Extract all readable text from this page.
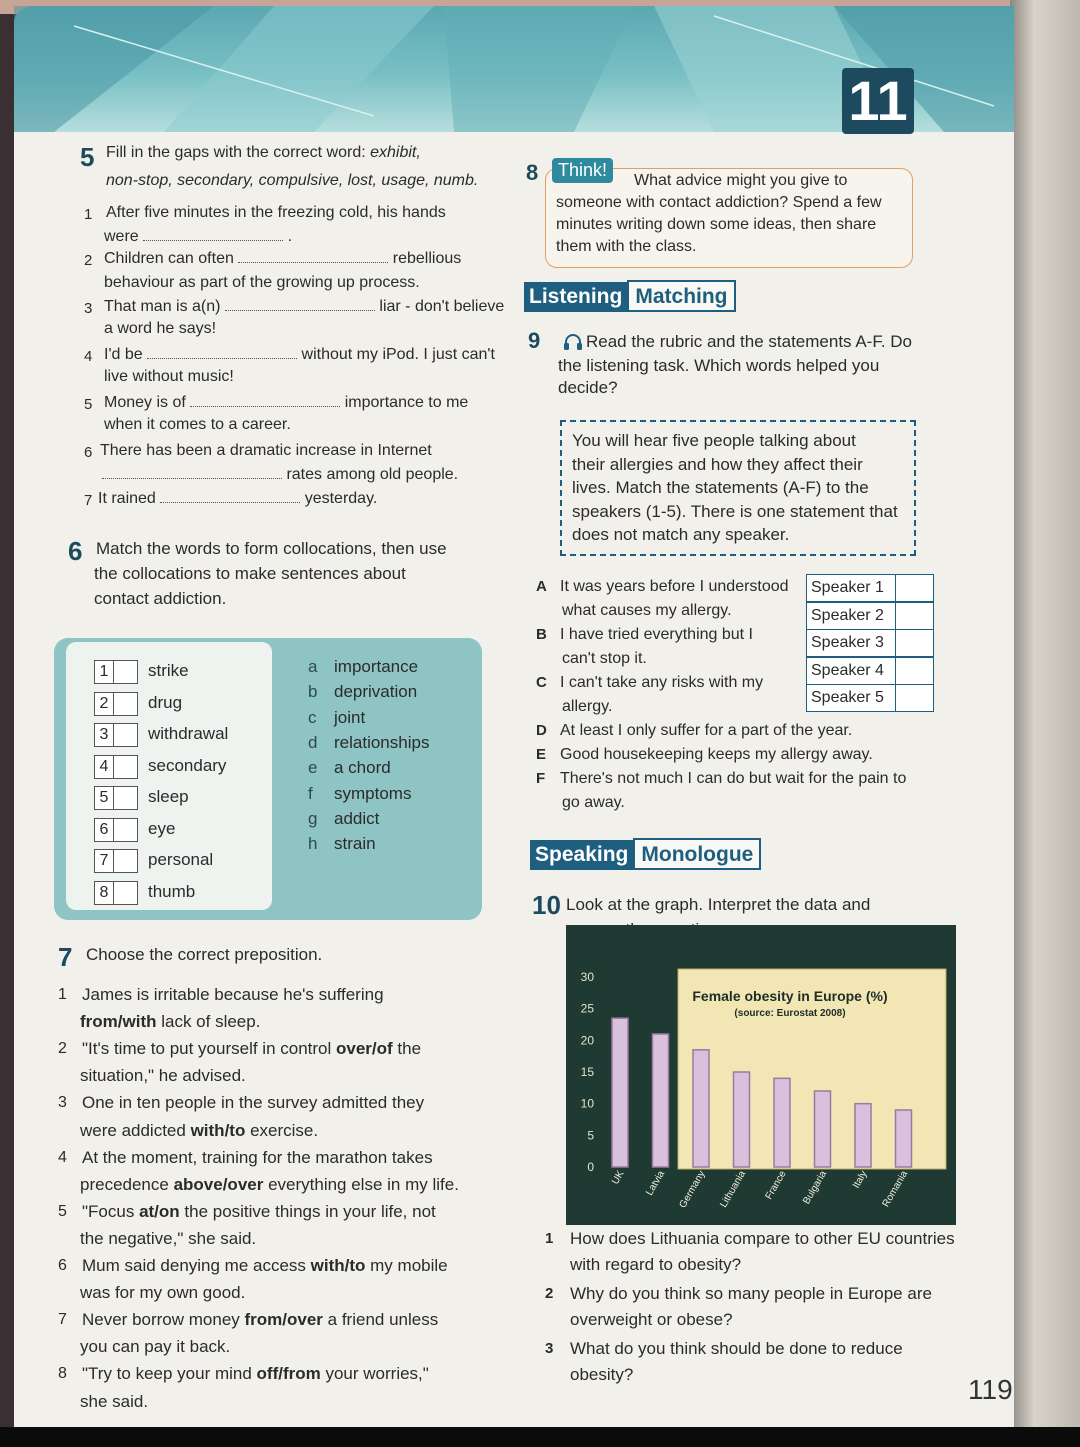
11
5 Fill in the gaps with the correct word: exhibit,
non-stop, secondary, compulsive, lost, usage, numb.
1 After five minutes in the freezing cold, his hands
were	.
2 Children can often	rebellious
behaviour as part of the growing up process.
3 That man is a(n)	liar - don't believe
a word he says!
4 I'd be	without my iPod. I just can't
live without music!
5 Money is of	importance to me
when it comes to a career.
6 There has been a dramatic increase in Internet
rates among old people.
7 It rained	yesterday.
6 Match the words to form collocations, then use
the collocations to make sentences about
contact addiction.
1	strike
2	drug
3	withdrawal
4	secondary
5	sleep
6	eye
7	personal
8	thumb
a importance
b deprivation
c joint
d relationships
e a chord
f symptoms
g addict
h strain
7 Choose the correct preposition.
1 James is irritable because he's suffering
from/with lack of sleep.
2 "It's time to put yourself in control over/of the
situation," he advised.
3 One in ten people in the survey admitted they
were addicted with/to exercise.
4 At the moment, training for the marathon takes
precedence above/over everything else in my life.
5 "Focus at/on the positive things in your life, not
the negative," she said.
6 Mum said denying me access with/to my mobile
was for my own good.
7 Never borrow money from/over a friend unless
you can pay it back.
8 "Try to keep your mind off/from your worries,"
she said.
8	Think!
What advice might you give to
someone with contact addiction? Spend a few
minutes writing down some ideas, then share
them with the class.
Listening Matching
9	Read the rubric and the statements A-F. Do
the listening task. Which words helped you
decide?
You will hear five people talking about
their allergies and how they affect their
lives. Match the statements (A-F) to the
speakers (1-5). There is one statement that
does not match any speaker.
A It was years before I understood
what causes my allergy.
B I have tried everything but I
can't stop it.
C I can't take any risks with my
allergy.
D At least I only suffer for a part of the year.
E Good housekeeping keeps my allergy away.
F There's not much I can do but wait for the pain to
go away.
Speaker 1
Speaker 2
Speaker 3
Speaker 4
Speaker 5
Speaking Monologue
10 Look at the graph. Interpret the data and
0
5
10
15
20
25
30
Female obesity in Europe (%)
(source: Eurostat 2008)
UK Latvia Germany Lithuania France Bulgaria Italy Romania
1 How does Lithuania compare to other EU countries
with regard to obesity?
2 Why do you think so many people in Europe are
overweight or obese?
3 What do you think should be done to reduce
obesity?	119
